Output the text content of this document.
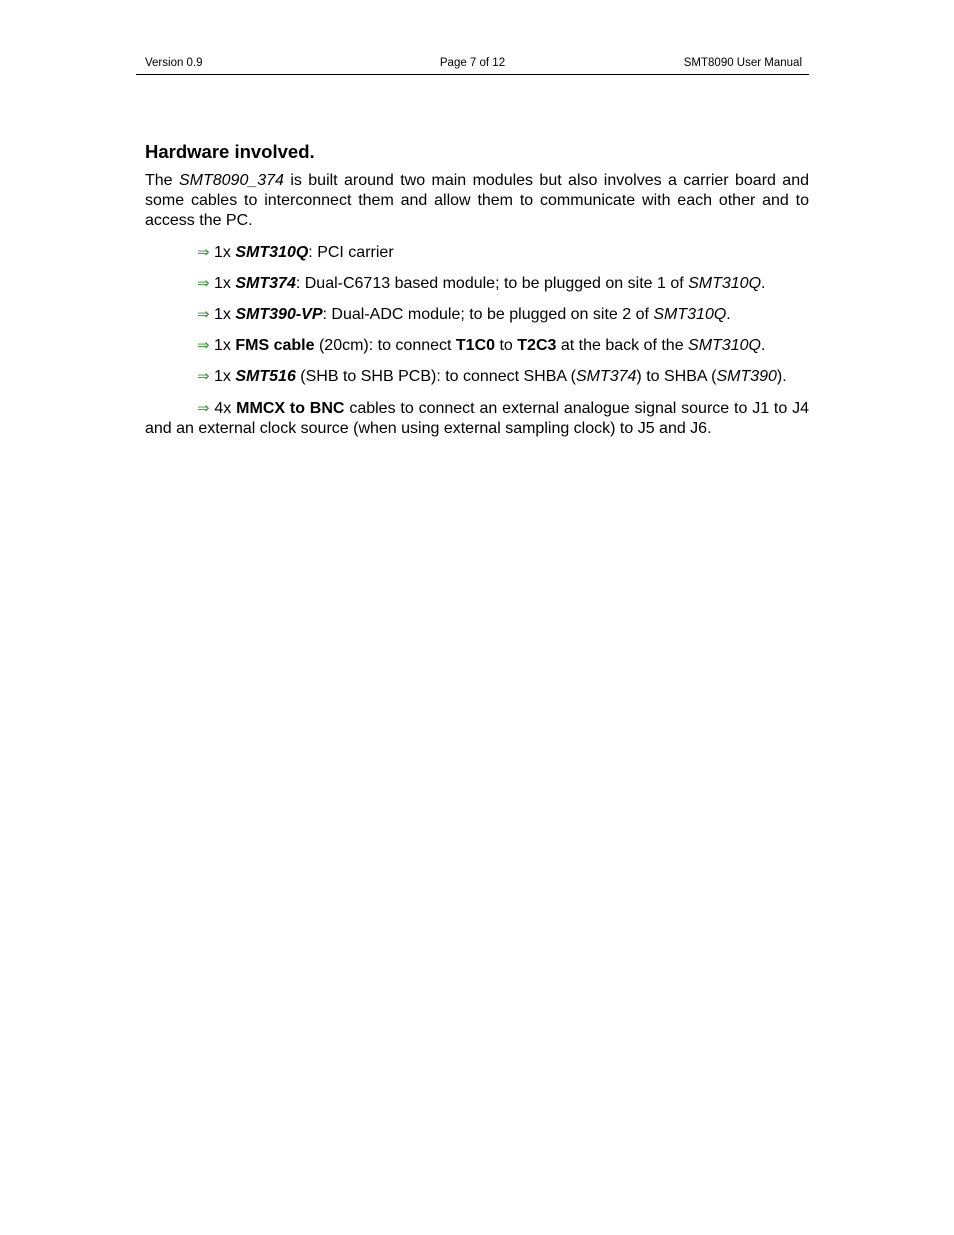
Version 0.9	Page 7 of 12	SMT8090 User Manual
Hardware involved.

The SMT8090_374 is built around two main modules but also involves a carrier board and some cables to interconnect them and allow them to communicate with each other and to access the PC.

⇒ 1x SMT310Q: PCI carrier

⇒ 1x SMT374: Dual-C6713 based module; to be plugged on site 1 of SMT310Q.

⇒ 1x SMT390-VP: Dual-ADC module; to be plugged on site 2 of SMT310Q.

⇒ 1x FMS cable (20cm): to connect T1C0 to T2C3 at the back of the SMT310Q.

⇒ 1x SMT516 (SHB to SHB PCB): to connect SHBA (SMT374) to SHBA (SMT390).

⇒ 4x MMCX to BNC cables to connect an external analogue signal source to J1 to J4 and an external clock source (when using external sampling clock) to J5 and J6.
